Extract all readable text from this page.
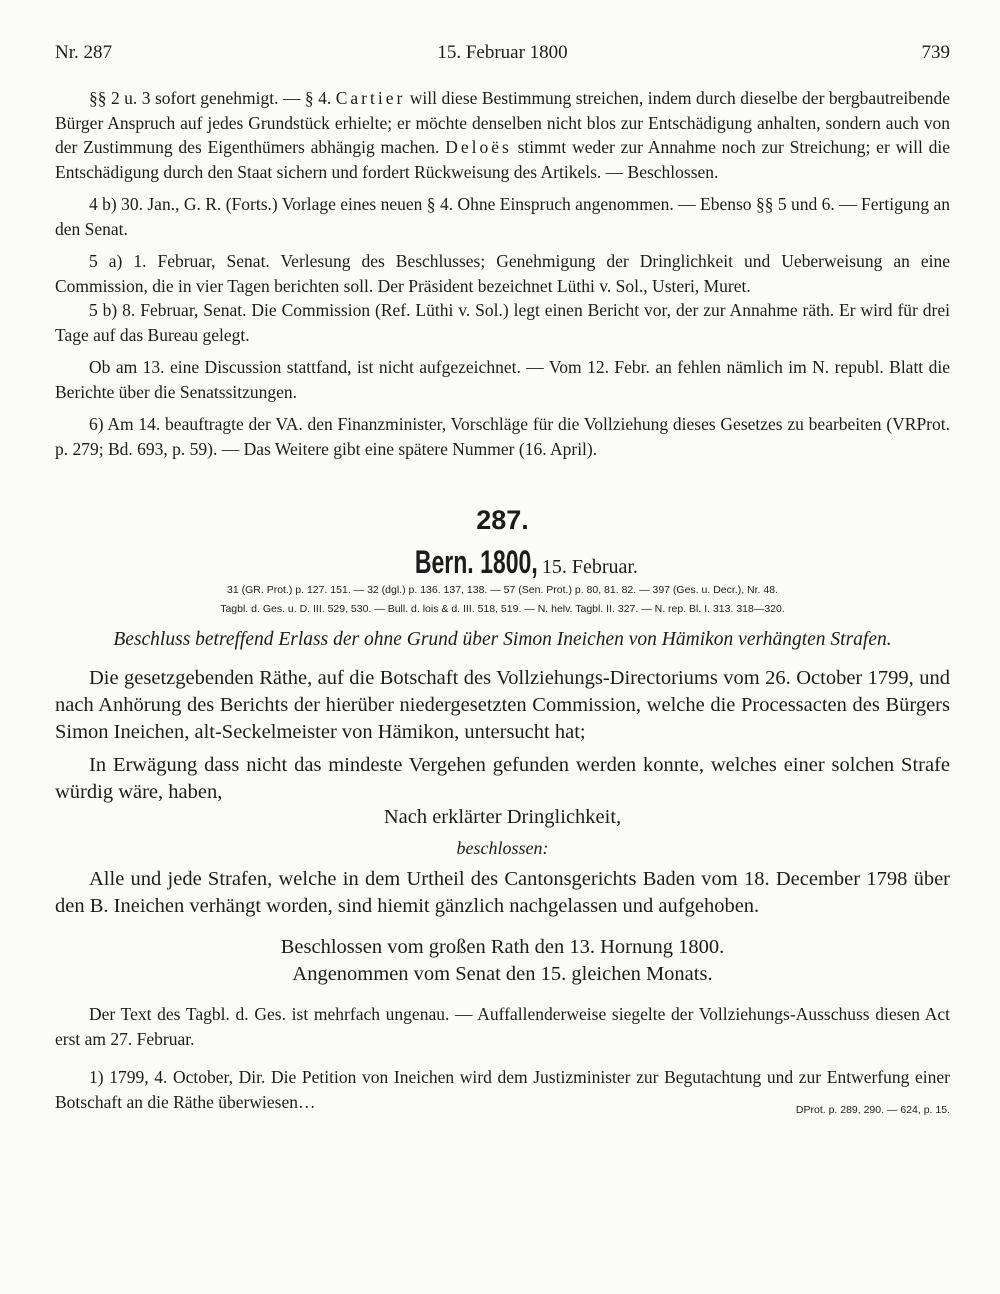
Nr. 287	15. Februar 1800	739

§§ 2 u. 3 sofort genehmigt. — § 4. Cartier will diese Bestimmung streichen, indem durch dieselbe der bergbautreibende Bürger Anspruch auf jedes Grundstück erhielte; er möchte denselben nicht blos zur Entschädigung anhalten, sondern auch von der Zustimmung des Eigenthümers abhängig machen. Deloës stimmt weder zur Annahme noch zur Streichung; er will die Entschädigung durch den Staat sichern und fordert Rückweisung des Artikels. — Beschlossen.

4 b) 30. Jan., G. R. (Forts.) Vorlage eines neuen § 4. Ohne Einspruch angenommen. — Ebenso §§ 5 und 6. — Fertigung an den Senat.

5 a) 1. Februar, Senat. Verlesung des Beschlusses; Genehmigung der Dringlichkeit und Ueberweisung an eine Commission, die in vier Tagen berichten soll. Der Präsident bezeichnet Lüthi v. Sol., Usteri, Muret.

5 b) 8. Februar, Senat. Die Commission (Ref. Lüthi v. Sol.) legt einen Bericht vor, der zur Annahme räth. Er wird für drei Tage auf das Bureau gelegt.

Ob am 13. eine Discussion stattfand, ist nicht aufgezeichnet. — Vom 12. Febr. an fehlen nämlich im N. republ. Blatt die Berichte über die Senatssitzungen.

6) Am 14. beauftragte der VA. den Finanzminister, Vorschläge für die Vollziehung dieses Gesetzes zu bearbeiten (VRProt. p. 279; Bd. 693, p. 59). — Das Weitere gibt eine spätere Nummer (16. April).

287.

Bern. 1800, 15. Februar.

31 (GR. Prot.) p. 127. 151. — 32 (dgl.) p. 136. 137, 138. — 57 (Sen. Prot.) p. 80, 81. 82. — 397 (Ges. u. Decr.), Nr. 48.

Tagbl. d. Ges. u. D. III. 529, 530. — Bull. d. lois & d. III. 518, 519. — N. helv. Tagbl. II. 327. — N. rep. Bl. I. 313. 318—320.

Beschluss betreffend Erlass der ohne Grund über Simon Ineichen von Hämikon verhängten Strafen.

Die gesetzgebenden Räthe, auf die Botschaft des Vollziehungs-Directoriums vom 26. October 1799, und nach Anhörung des Berichts der hierüber niedergesetzten Commission, welche die Processacten des Bürgers Simon Ineichen, alt-Seckelmeister von Hämikon, untersucht hat;

In Erwägung dass nicht das mindeste Vergehen gefunden werden konnte, welches einer solchen Strafe würdig wäre, haben,

Nach erklärter Dringlichkeit,

beschlossen:

Alle und jede Strafen, welche in dem Urtheil des Cantonsgerichts Baden vom 18. December 1798 über den B. Ineichen verhängt worden, sind hiemit gänzlich nachgelassen und aufgehoben.

Beschlossen vom großen Rath den 13. Hornung 1800.

Angenommen vom Senat den 15. gleichen Monats.

Der Text des Tagbl. d. Ges. ist mehrfach ungenau. — Auffallenderweise siegelte der Vollziehungs-Ausschuss diesen Act erst am 27. Februar.

1) 1799, 4. October, Dir. Die Petition von Ineichen wird dem Justizminister zur Begutachtung und zur Entwerfung einer Botschaft an die Räthe überwiesen…	DProt. p. 289, 290. — 624, p. 15.
